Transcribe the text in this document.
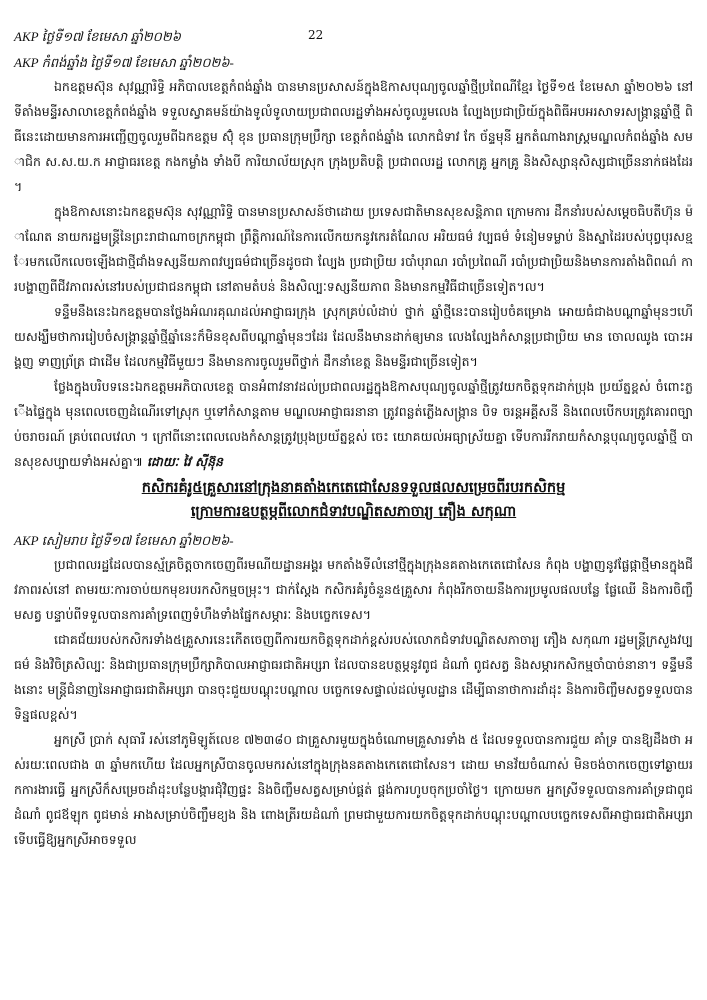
AKP ថ្ងៃទី១៧ ខែមេសា ឆ្នាំ២០២៦	22
AKP កំពង់ឆ្នាំង ថ្ងៃទី១៧ ខែមេសា ឆ្នាំ២០២៦-

ឯកឧត្តមស៊ុន សុវណ្ណារិទ្ធិ អភិបាលខេត្តកំពង់ឆ្នាំង បានមានប្រសាសន៍ក្នុងឱកាសបុណ្យចូលឆ្នាំថ្មីប្រពៃណីខ្មែរ ថ្ងៃទី១៥ ខែមេសា ឆ្នាំ២០២៦ នៅទីតាំងមន្ទីរសាលាខេត្តកំពង់ឆ្នាំង ទទួលស្វាគមន៍យ៉ាងទូលំទូលាយប្រជាពលរដ្ឋទាំងអស់ចូលរួមលេង ល្បែងប្រជាប្រិយ៍ក្នុងពិធីអបអរសាទរសង្ក្រាន្តឆ្នាំថ្មី ពិធីនេះដោយមានការអញ្ជើញចូលរួមពីឯកឧត្តម ស៊ុំ ខុន ប្រធានក្រុមប្រឹក្សា ខេត្តកំពង់ឆ្នាំង លោកជំទាវ កែ ច័ន្ទមុនី អ្នកតំណាងរាស្ត្រមណ្ឌលកំពង់ឆ្នាំង សមាជិក ស.ស.យ.ក អាជ្ញាធរខេត្ត កងកម្លាំង ទាំងបី ការិយាល័យស្រុក ក្រុងប្រតិបត្តិ ប្រជាពលរដ្ឋ លោកគ្រូ អ្នកគ្រូ និងសិស្សានុសិស្សជាច្រើននាក់ផងដែរ។

ក្នុងឱកាសនោះឯកឧត្តមស៊ុន សុវណ្ណារិទ្ធិ បានមានប្រសាសន៍ថាដោយ ប្រទេសជាតិមានសុខសន្តិភាព ក្រោមការ ដឹកនាំរបស់សម្តេចធិបតីហ៊ុន ម៉ាណែត នាយករដ្ឋមន្ត្រីនៃព្រះរាជាណាចក្រកម្ពុជា ព្រឹត្តិការណ៍នៃការលើកយកនូវកេរតំណែល អរិយធម៌ វប្បធម៌ ទំនៀមទម្លាប់ និងស្នាដៃរបស់បុព្វបុរសខ្មែរមកលើកលេចឡើងជាថ្មីជាំងទស្សនីយភាពវប្បធម៌ជាច្រើនដូចជា ល្បែង ប្រជាប្រិយ របាំបុរាណ របាំប្រពៃណី របាំប្រជាប្រិយនិងមានការតាំងពិពណ៌ ការបង្ហាញពីជីវភាពរស់នៅរបស់ប្រជាជនកម្ពុជា នៅតាមតំបន់ និងសិល្បៈទស្សនីយភាព និងមានកម្មវិធីជាច្រើនទៀត។ល។

ទន្ទឹមនឹងនេះឯកឧត្តមបានថ្លែងអំណរគុណដល់អាជ្ញាធរក្រុង ស្រុកគ្រប់លំដាប់ ថ្នាក់ ឆ្នាំថ្មីនេះបានរៀបចំគម្រោង អោយធំជាងបណ្តាឆ្នាំមុនៗហើយសង្ឃឹមថាការរៀបចំសង្ក្រាន្តឆ្នាំថ្មីឆ្នាំនេះក៏មិនខុសពីបណ្តាឆ្នាំមុនៗដែរ ដែលនឹងមានដាក់ឲ្យមាន លេងល្បែងកំសាន្តប្រជាប្រិយ មាន ចោលឈូង បោះអង្គញ ទាញព្រ័ត្រ ជាដើម ដែលកម្មវិធីមួយៗ នឹងមានការចូលរួមពីថ្នាក់ ដឹកនាំខេត្ត និងមន្ទីរជាច្រើនទៀត។

ថ្លែងក្នុងបរិបទនេះឯកឧត្តមអភិបាលខេត្ត បានអំពាវនាវដល់ប្រជាពលរដ្ឋក្នុងឱកាសបុណ្យចូលឆ្នាំថ្មីត្រូវយកចិត្តទុកដាក់ប្រុង ប្រយ័ត្នខ្ពស់ ចំពោះភ្លើងផ្ទៃក្នុង មុនពេលចេញដំណើរទៅស្រុក ឬទៅកំសាន្តតាម មណ្ឌលអាជ្ញាធរនានា ត្រូវពន្លត់ភ្លើងសង្ក្រាន បិទ ចរន្តអគ្គីសនី និងពេលបើកបរត្រូវគោរពច្បាប់ចរាចរណ៍ គ្រប់ពេលវេលា ។ ក្រៅពីនោះពេលលេងកំសាន្តត្រូវប្រុងប្រយ័ត្នខ្ពស់ ចេះ យោគយល់អធ្យាស្រ័យគ្នា ទើបការរីករាយកំសាន្តបុណ្យចូលឆ្នាំថ្មី បានសុខសប្បាយទាំងអស់គ្នា៕ ដោយៈ វៃ ស៊ីន៊ុន

កសិករគំរូ៥គ្រួសារនៅក្រុងនាគតាំងកេតេជោសែនទទួលផលសម្រេចពីរបរកសិកម្ម
ក្រោមការឧបត្ថម្ភពីលោកជំទាវបណ្ឌិតសភាចារ្យ ភឿង សកុណា
AKP សៀមរាប ថ្ងៃទី១៧ ខែមេសា ឆ្នាំ២០២៦-

ប្រជាពលរដ្ឋដែលបានស្ម័គ្រចិត្តចាកចេញពីរមណីយដ្ឋានអង្គរ មកតាំងទីលំនៅថ្មីក្នុងក្រុងនគតាងកេតេជោសែន កំពុង បង្ហាញនូវផ្លែផ្កាថ្មីមានក្នុងជីវភាពរស់នៅ តាមរយៈការចាប់យកមុខរបរកសិកម្មចម្រុះ។ ជាក់ស្តែង កសិករគំរូចំនួន៥គ្រួសារ កំពុងរីកចាយនឹងការប្រមូលផលបន្លែ ផ្លែឈើ និងការចិញ្ចឹមសត្វ បន្ទាប់ពីទទួលបានការគាំទ្រពេញទំហឹងទាំងផ្នែកសម្ភារៈ និងបច្ចេកទេស។

ជោគជ័យរបស់កសិករទាំង៥គ្រួសារនេះកើតចេញពីការយកចិត្តទុកដាក់ខ្ពស់របស់លោកជំទាវបណ្ឌិតសភាចារ្យ ភឿង សកុណា រដ្ឋមន្ត្រីក្រសួងវប្បធម៌ និងវិចិត្រសិល្បៈ និងជាប្រធានក្រុមប្រឹក្សាភិបាលអាជ្ញាធរជាតិអប្សរា ដែលបានឧបត្ថម្ភនូវពូជ ដំណាំ ពូជសត្វ និងសម្ភារកសិកម្មចាំបាច់នានា។ ទន្ទឹមនឹងនោះ មន្ត្រីជំនាញនៃអាជ្ញាធរជាតិអប្សរា បានចុះជួយបណ្តុះបណ្តាល បច្ចេកទេសផ្ទាល់ដល់មូលដ្ឋាន ដើម្បីធានាថាការដាំដុះ និងការចិញ្ចឹមសត្វទទួលបានទិន្នផលខ្ពស់។

អ្នកស្រី ប្រាក់ សុធារី រស់នៅភូមិឡូត៍លេខ ៧២៣៨០ ជាគ្រួសារមួយក្នុងចំណោមគ្រួសារទាំង ៥ ដែលទទួលបានការជួយ គាំទ្រ បានឱ្យដឹងថា អស់រយៈពេលជាង ៣ ឆ្នាំមកហើយ ដែលអ្នកស្រីបានចូលមករស់នៅក្នុងក្រុងនគតាងកេតេជោសែន។ ដោយ មានវ័យចំណាស់ មិនចង់ចាកចេញទៅឆ្ងាយរកការងារធ្វើ អ្នកស្រីក៏សម្រេចដាំដុះបន្លែបង្ការជុំវិញផ្ទះ និងចិញ្ចឹមសត្វសម្រាប់ផ្គត់ ផ្គង់ការហូបចុកប្រចាំថ្ងៃ។ ក្រោយមក អ្នកស្រីទទួលបានការគាំទ្រជាពូជដំណាំ ពូជឪឡុក ពូជមាន់ អាងសម្រាប់ចិញ្ចឹមខ្យង និង ពោងត្រីរយដំណាំ ព្រមជាមួយការយកចិត្តទុកដាក់បណ្តុះបណ្តាលបច្ចេកទេសពីអាជ្ញាធរជាតិអប្សរា ទើបធ្វើឱ្យអ្នកស្រីអាចទទួល
